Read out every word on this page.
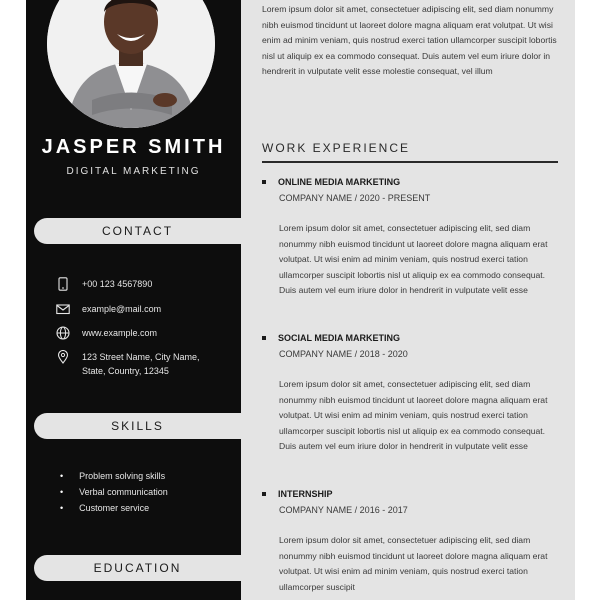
JASPER SMITH
DIGITAL MARKETING
CONTACT
+00 123 4567890
example@mail.com
www.example.com
123 Street Name, City Name,
State, Country, 12345
SKILLS
• Problem solving skills
• Verbal communication
• Customer service
EDUCATION
Lorem ipsum dolor sit amet, consectetuer adipiscing elit, sed diam nonummy nibh euismod tincidunt ut laoreet dolore magna aliquam erat volutpat. Ut wisi enim ad minim veniam, quis nostrud exerci tation ullamcorper suscipit lobortis nisl ut aliquip ex ea commodo consequat. Duis autem vel eum iriure dolor in hendrerit in vulputate velit esse molestie consequat, vel illum
WORK EXPERIENCE
ONLINE MEDIA MARKETING
COMPANY NAME / 2020 - PRESENT
Lorem ipsum dolor sit amet, consectetuer adipiscing elit, sed diam nonummy nibh euismod tincidunt ut laoreet dolore magna aliquam erat volutpat. Ut wisi enim ad minim veniam, quis nostrud exerci tation ullamcorper suscipit lobortis nisl ut aliquip ex ea commodo consequat. Duis autem vel eum iriure dolor in hendrerit in vulputate velit esse
SOCIAL MEDIA MARKETING
COMPANY NAME / 2018 - 2020
Lorem ipsum dolor sit amet, consectetuer adipiscing elit, sed diam nonummy nibh euismod tincidunt ut laoreet dolore magna aliquam erat volutpat. Ut wisi enim ad minim veniam, quis nostrud exerci tation ullamcorper suscipit lobortis nisl ut aliquip ex ea commodo consequat. Duis autem vel eum iriure dolor in hendrerit in vulputate velit esse
INTERNSHIP
COMPANY NAME / 2016 - 2017
Lorem ipsum dolor sit amet, consectetuer adipiscing elit, sed diam nonummy nibh euismod tincidunt ut laoreet dolore magna aliquam erat volutpat. Ut wisi enim ad minim veniam, quis nostrud exerci tation ullamcorper suscipit
